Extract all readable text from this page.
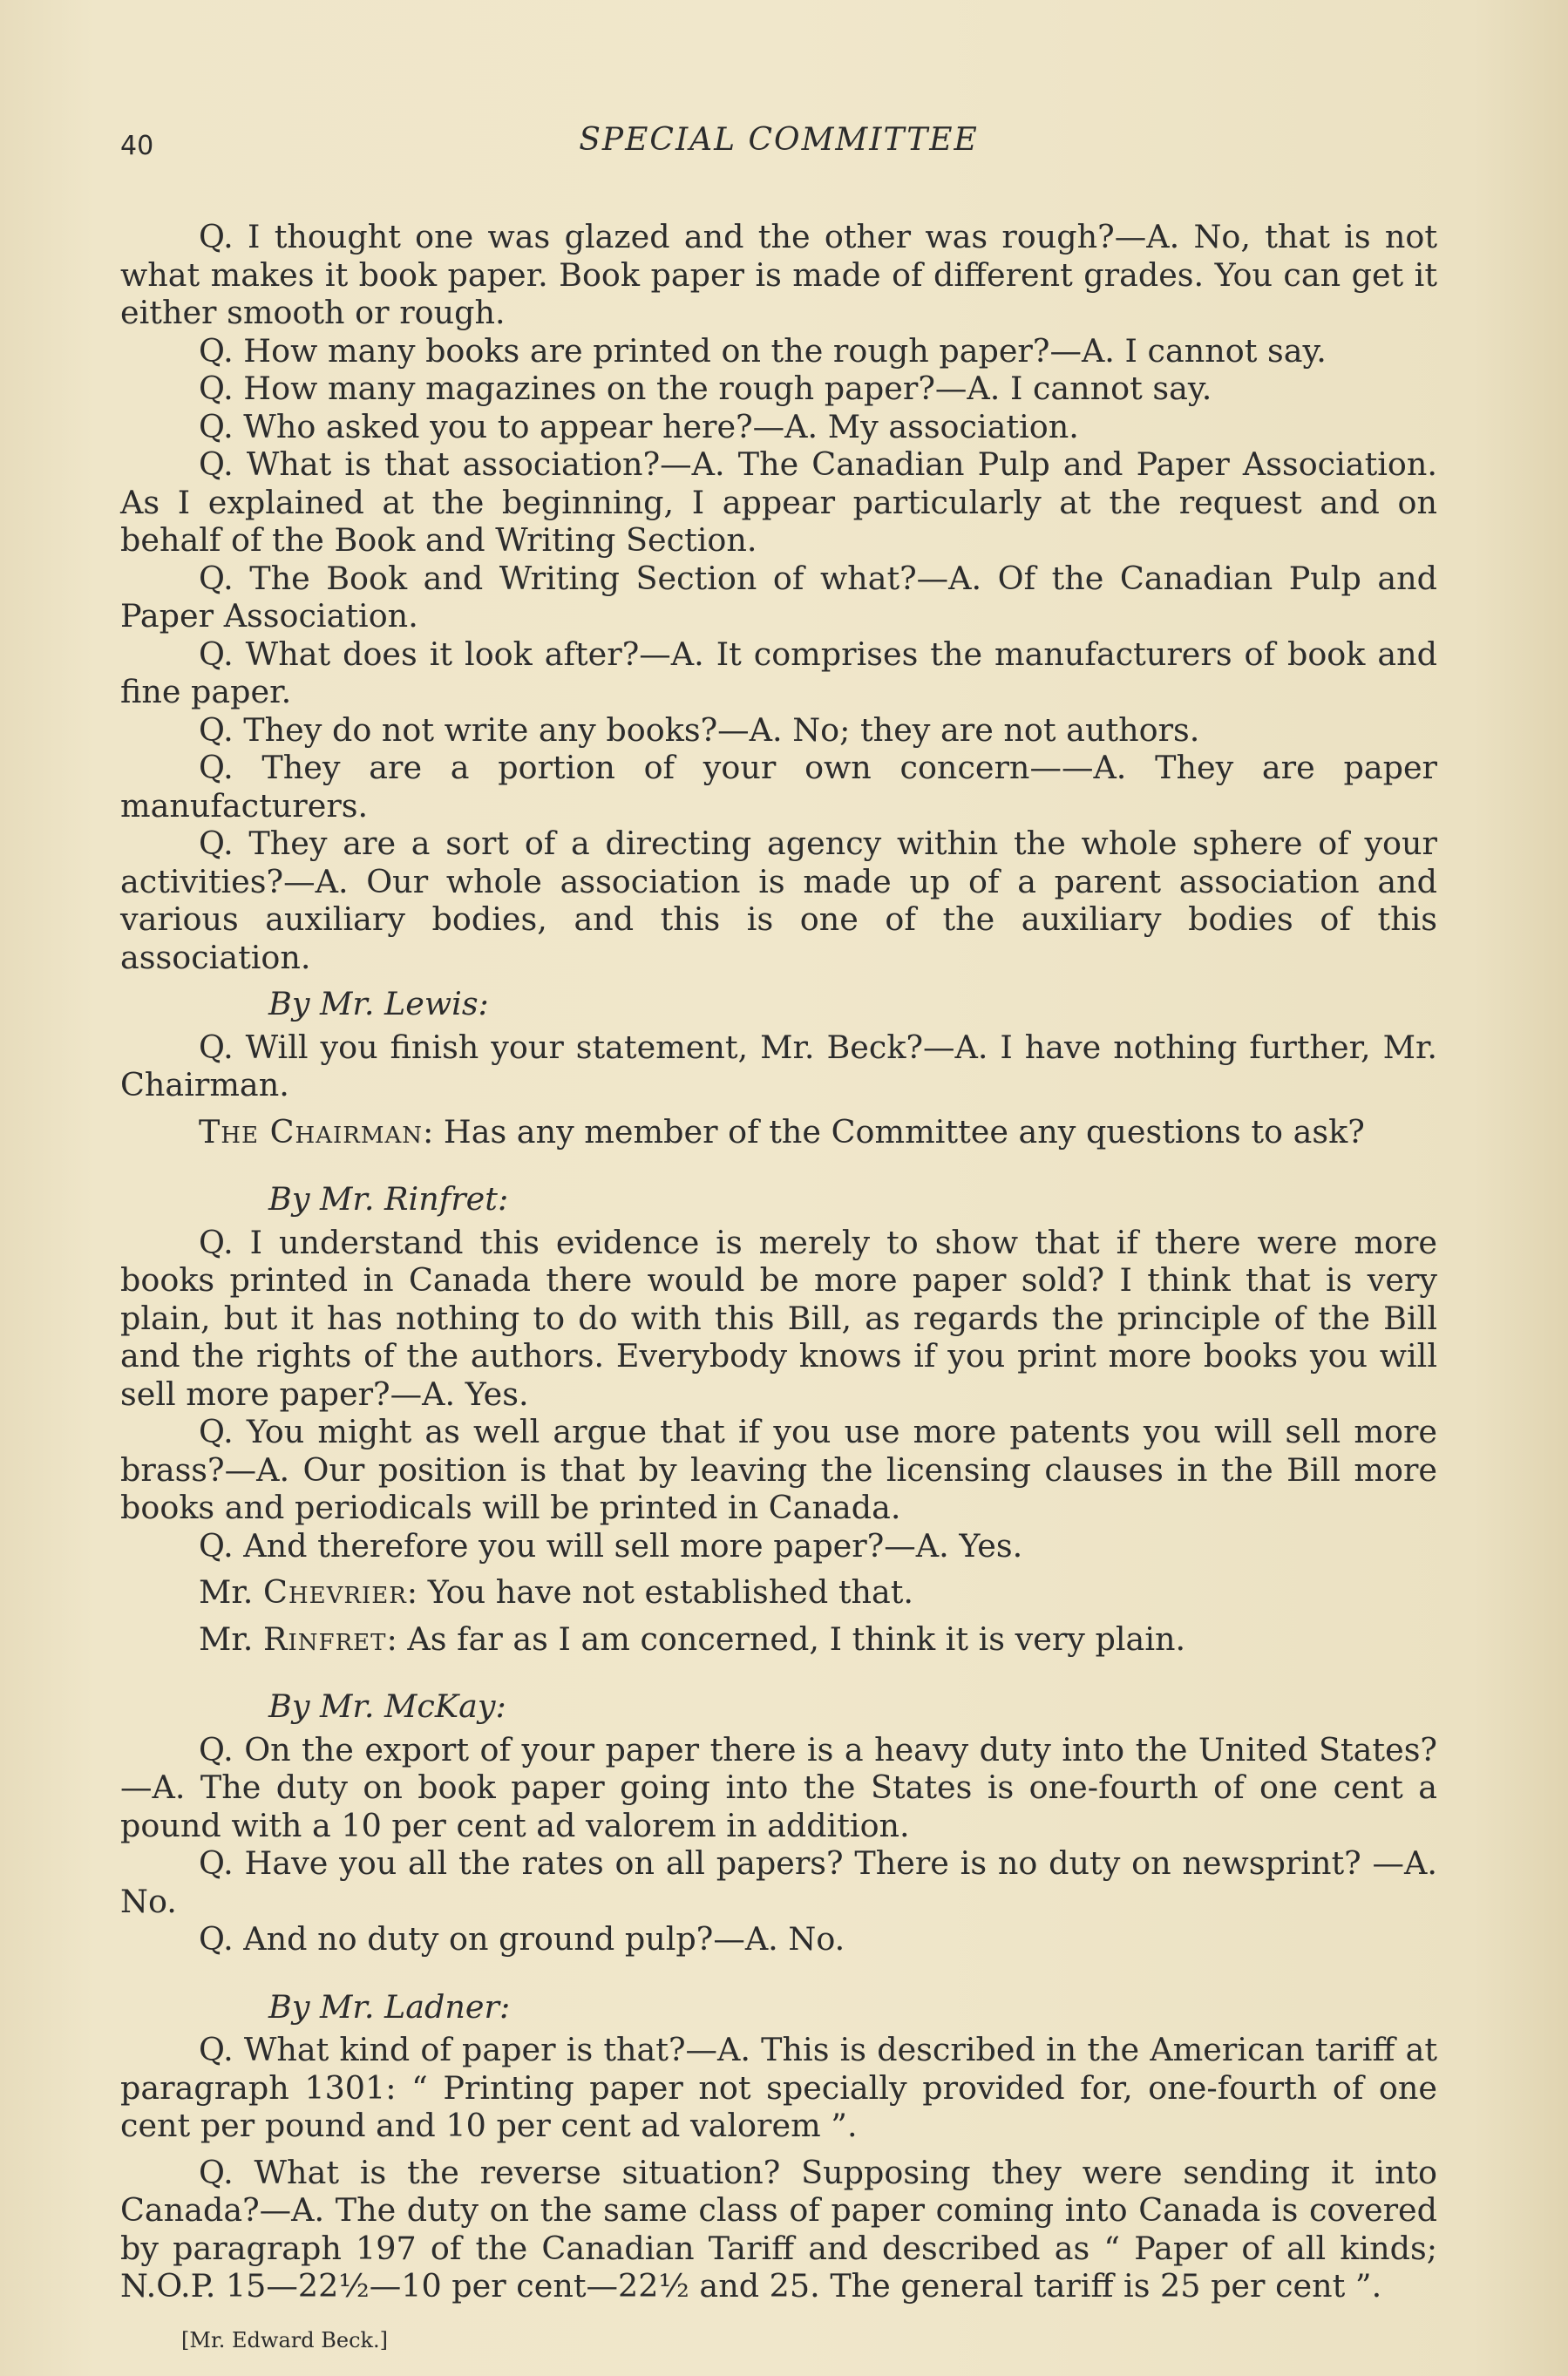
40	SPECIAL COMMITTEE

Q. I thought one was glazed and the other was rough?—A. No, that is not what makes it book paper. Book paper is made of different grades. You can get it either smooth or rough.

Q. How many books are printed on the rough paper?—A. I cannot say.

Q. How many magazines on the rough paper?—A. I cannot say.

Q. Who asked you to appear here?—A. My association.

Q. What is that association?—A. The Canadian Pulp and Paper Association. As I explained at the beginning, I appear particularly at the request and on behalf of the Book and Writing Section.

Q. The Book and Writing Section of what?—A. Of the Canadian Pulp and Paper Association.

Q. What does it look after?—A. It comprises the manufacturers of book and fine paper.

Q. They do not write any books?—A. No; they are not authors.

Q. They are a portion of your own concern——A. They are paper manufacturers.

Q. They are a sort of a directing agency within the whole sphere of your activities?—A. Our whole association is made up of a parent association and various auxiliary bodies, and this is one of the auxiliary bodies of this association.

By Mr. Lewis:

Q. Will you finish your statement, Mr. Beck?—A. I have nothing further, Mr. Chairman.

The Chairman: Has any member of the Committee any questions to ask?

By Mr. Rinfret:

Q. I understand this evidence is merely to show that if there were more books printed in Canada there would be more paper sold? I think that is very plain, but it has nothing to do with this Bill, as regards the principle of the Bill and the rights of the authors. Everybody knows if you print more books you will sell more paper?—A. Yes.

Q. You might as well argue that if you use more patents you will sell more brass?—A. Our position is that by leaving the licensing clauses in the Bill more books and periodicals will be printed in Canada.

Q. And therefore you will sell more paper?—A. Yes.

Mr. Chevrier: You have not established that.

Mr. Rinfret: As far as I am concerned, I think it is very plain.

By Mr. McKay:

Q. On the export of your paper there is a heavy duty into the United States?—A. The duty on book paper going into the States is one-fourth of one cent a pound with a 10 per cent ad valorem in addition.

Q. Have you all the rates on all papers? There is no duty on newsprint? —A. No.

Q. And no duty on ground pulp?—A. No.

By Mr. Ladner:

Q. What kind of paper is that?—A. This is described in the American tariff at paragraph 1301: “ Printing paper not specially provided for, one-fourth of one cent per pound and 10 per cent ad valorem ”.

Q. What is the reverse situation? Supposing they were sending it into Canada?—A. The duty on the same class of paper coming into Canada is covered by paragraph 197 of the Canadian Tariff and described as “ Paper of all kinds; N.O.P. 15—22½—10 per cent—22½ and 25. The general tariff is 25 per cent ”.

[Mr. Edward Beck.]
